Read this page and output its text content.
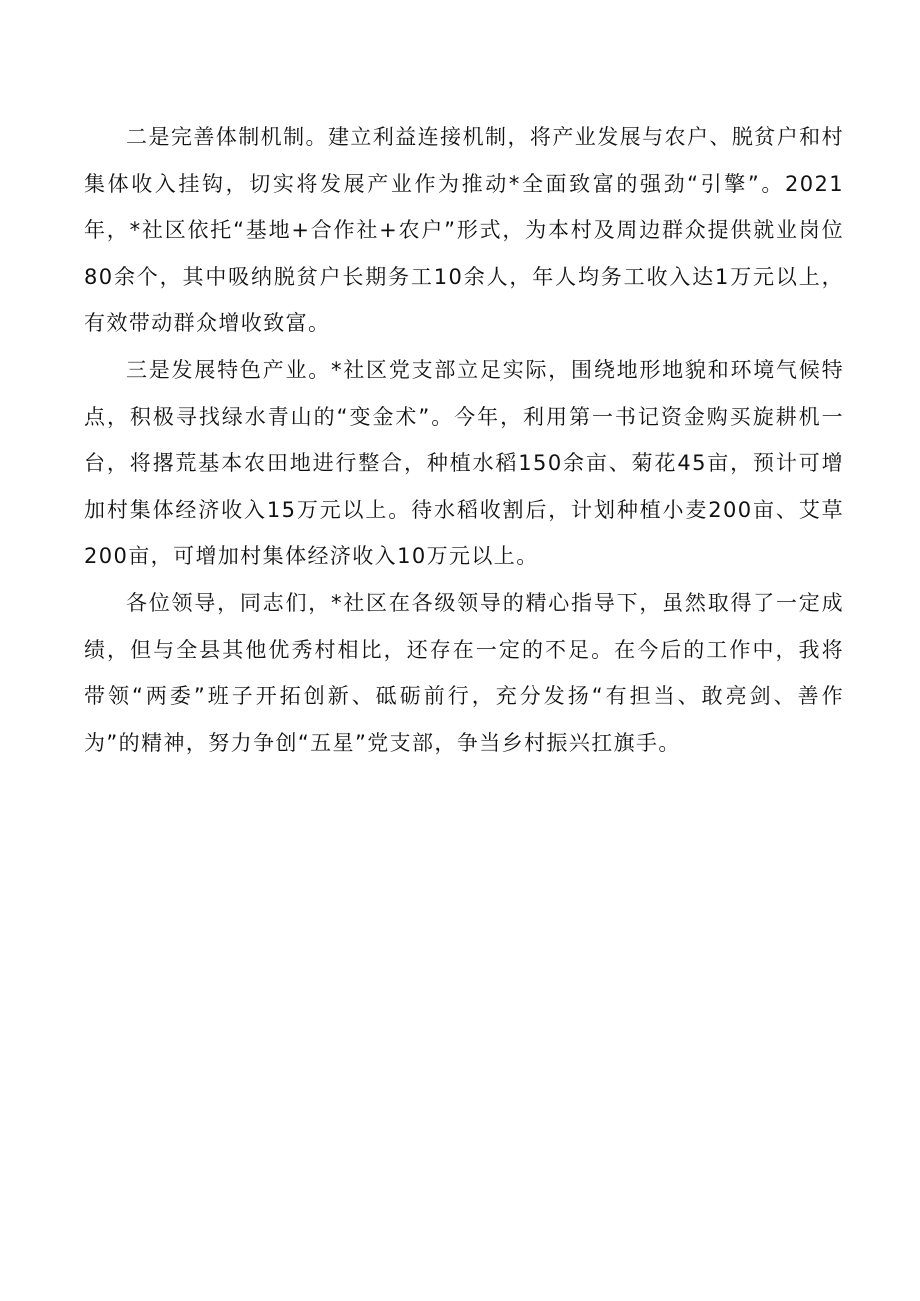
二是完善体制机制。建立利益连接机制，将产业发展与农户、脱贫户和村集体收入挂钩，切实将发展产业作为推动*全面致富的强劲“引擎”。2021年，*社区依托“基地+合作社+农户”形式，为本村及周边群众提供就业岗位80余个，其中吸纳脱贫户长期务工10余人，年人均务工收入达1万元以上，有效带动群众增收致富。

三是发展特色产业。*社区党支部立足实际，围绕地形地貌和环境气候特点，积极寻找绿水青山的“变金术”。今年，利用第一书记资金购买旋耕机一台，将撂荒基本农田地进行整合，种植水稻150余亩、菊花45亩，预计可增加村集体经济收入15万元以上。待水稻收割后，计划种植小麦200亩、艾草200亩，可增加村集体经济收入10万元以上。

各位领导，同志们，*社区在各级领导的精心指导下，虽然取得了一定成绩，但与全县其他优秀村相比，还存在一定的不足。在今后的工作中，我将带领“两委”班子开拓创新、砥砺前行，充分发扬“有担当、敢亮剑、善作为”的精神，努力争创“五星”党支部，争当乡村振兴扛旗手。
